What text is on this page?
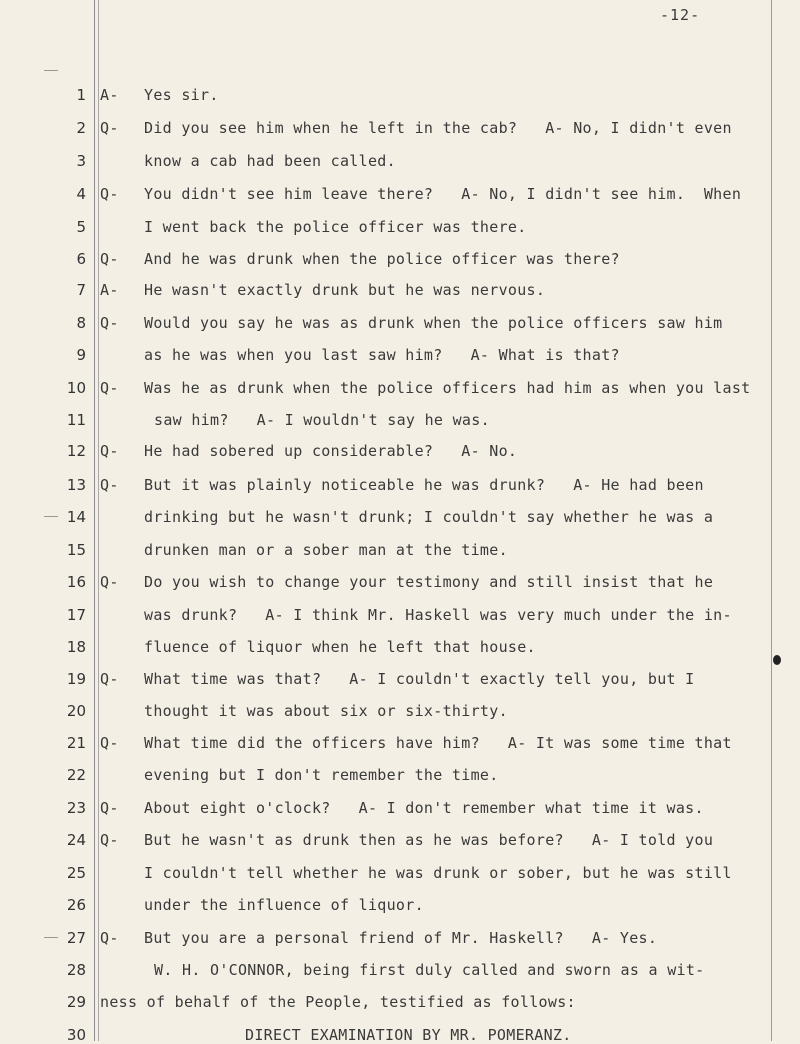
-12-
1 A- Yes sir.
2 Q- Did you see him when he left in the cab?   A- No, I didn't even
3	know a cab had been called.
4 Q- You didn't see him leave there?   A- No, I didn't see him.  When
5	I went back the police officer was there.
6 Q- And he was drunk when the police officer was there?
7 A- He wasn't exactly drunk but he was nervous.
8 Q- Would you say he was as drunk when the police officers saw him
9	as he was when you last saw him?   A- What is that?
10 Q- Was he as drunk when the police officers had him as when you last
11	saw him?   A- I wouldn't say he was.
12 Q- He had sobered up considerable?   A- No.
13 Q- But it was plainly noticeable he was drunk?   A- He had been
14	drinking but he wasn't drunk; I couldn't say whether he was a
15	drunken man or a sober man at the time.
16 Q- Do you wish to change your testimony and still insist that he
17	was drunk?   A- I think Mr. Haskell was very much under the in-
18	fluence of liquor when he left that house.
19 Q- What time was that?   A- I couldn't exactly tell you, but I
20	thought it was about six or six-thirty.
21 Q- What time did the officers have him?   A- It was some time that
22	evening but I don't remember the time.
23 Q- About eight o'clock?   A- I don't remember what time it was.
24 Q- But he wasn't as drunk then as he was before?   A- I told you
25	I couldn't tell whether he was drunk or sober, but he was still
26	under the influence of liquor.
27 Q- But you are a personal friend of Mr. Haskell?   A- Yes.
28	W. H. O'CONNOR, being first duly called and sworn as a wit-
29 ness of behalf of the People, testified as follows:
30	DIRECT EXAMINATION BY MR. POMERANZ.
